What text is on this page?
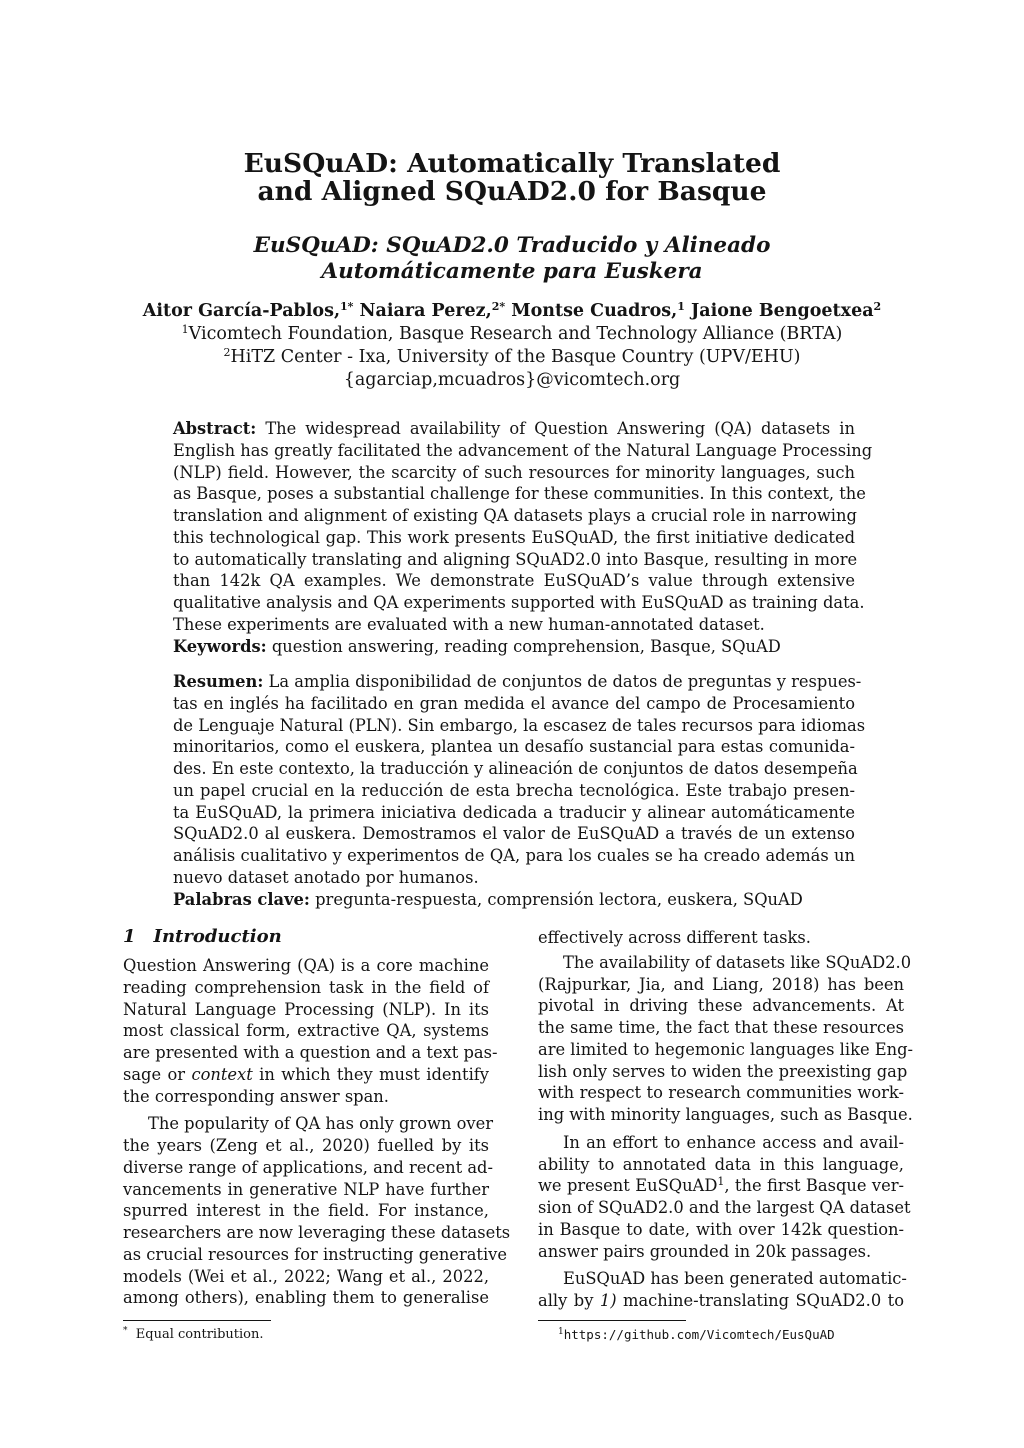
EuSQuAD: Automatically Translated
and Aligned SQuAD2.0 for Basque
EuSQuAD: SQuAD2.0 Traducido y Alineado
Automáticamente para Euskera
Aitor García-Pablos,$^{1*}$ Naiara Perez,$^{2*}$ Montse Cuadros,$^1$ Jaione Bengoetxea$^2$
$^1$Vicomtech Foundation, Basque Research and Technology Alliance (BRTA)
$^2$HiTZ Center - Ixa, University of the Basque Country (UPV/EHU)
{agarciap,mcuadros}@vicomtech.org
Abstract: The widespread availability of Question Answering (QA) datasets in
English has greatly facilitated the advancement of the Natural Language Processing
(NLP) field. However, the scarcity of such resources for minority languages, such
as Basque, poses a substantial challenge for these communities. In this context, the
translation and alignment of existing QA datasets plays a crucial role in narrowing
this technological gap. This work presents EuSQuAD, the first initiative dedicated
to automatically translating and aligning SQuAD2.0 into Basque, resulting in more
than 142k QA examples. We demonstrate EuSQuAD’s value through extensive
qualitative analysis and QA experiments supported with EuSQuAD as training data.
These experiments are evaluated with a new human-annotated dataset.
Keywords: question answering, reading comprehension, Basque, SQuAD
Resumen: La amplia disponibilidad de conjuntos de datos de preguntas y respues-
tas en inglés ha facilitado en gran medida el avance del campo de Procesamiento
de Lenguaje Natural (PLN). Sin embargo, la escasez de tales recursos para idiomas
minoritarios, como el euskera, plantea un desafío sustancial para estas comunida-
des. En este contexto, la traducción y alineación de conjuntos de datos desempeña
un papel crucial en la reducción de esta brecha tecnológica. Este trabajo presen-
ta EuSQuAD, la primera iniciativa dedicada a traducir y alinear automáticamente
SQuAD2.0 al euskera. Demostramos el valor de EuSQuAD a través de un extenso
análisis cualitativo y experimentos de QA, para los cuales se ha creado además un
nuevo dataset anotado por humanos.
Palabras clave: pregunta-respuesta, comprensión lectora, euskera, SQuAD
1 Introduction
Question Answering (QA) is a core machine
reading comprehension task in the field of
Natural Language Processing (NLP). In its
most classical form, extractive QA, systems
are presented with a question and a text pas-
sage or context in which they must identify
the corresponding answer span.
The popularity of QA has only grown over
the years (Zeng et al., 2020) fuelled by its
diverse range of applications, and recent ad-
vancements in generative NLP have further
spurred interest in the field. For instance,
researchers are now leveraging these datasets
as crucial resources for instructing generative
models (Wei et al., 2022; Wang et al., 2022,
among others), enabling them to generalise
effectively across different tasks.
The availability of datasets like SQuAD2.0
(Rajpurkar, Jia, and Liang, 2018) has been
pivotal in driving these advancements. At
the same time, the fact that these resources
are limited to hegemonic languages like Eng-
lish only serves to widen the preexisting gap
with respect to research communities work-
ing with minority languages, such as Basque.
In an effort to enhance access and avail-
ability to annotated data in this language,
we present EuSQuAD$^1$, the first Basque ver-
sion of SQuAD2.0 and the largest QA dataset
in Basque to date, with over 142k question-
answer pairs grounded in 20k passages.
EuSQuAD has been generated automatic-
ally by 1) machine-translating SQuAD2.0 to
* Equal contribution.	$^1$https://github.com/Vicomtech/EusQuAD
